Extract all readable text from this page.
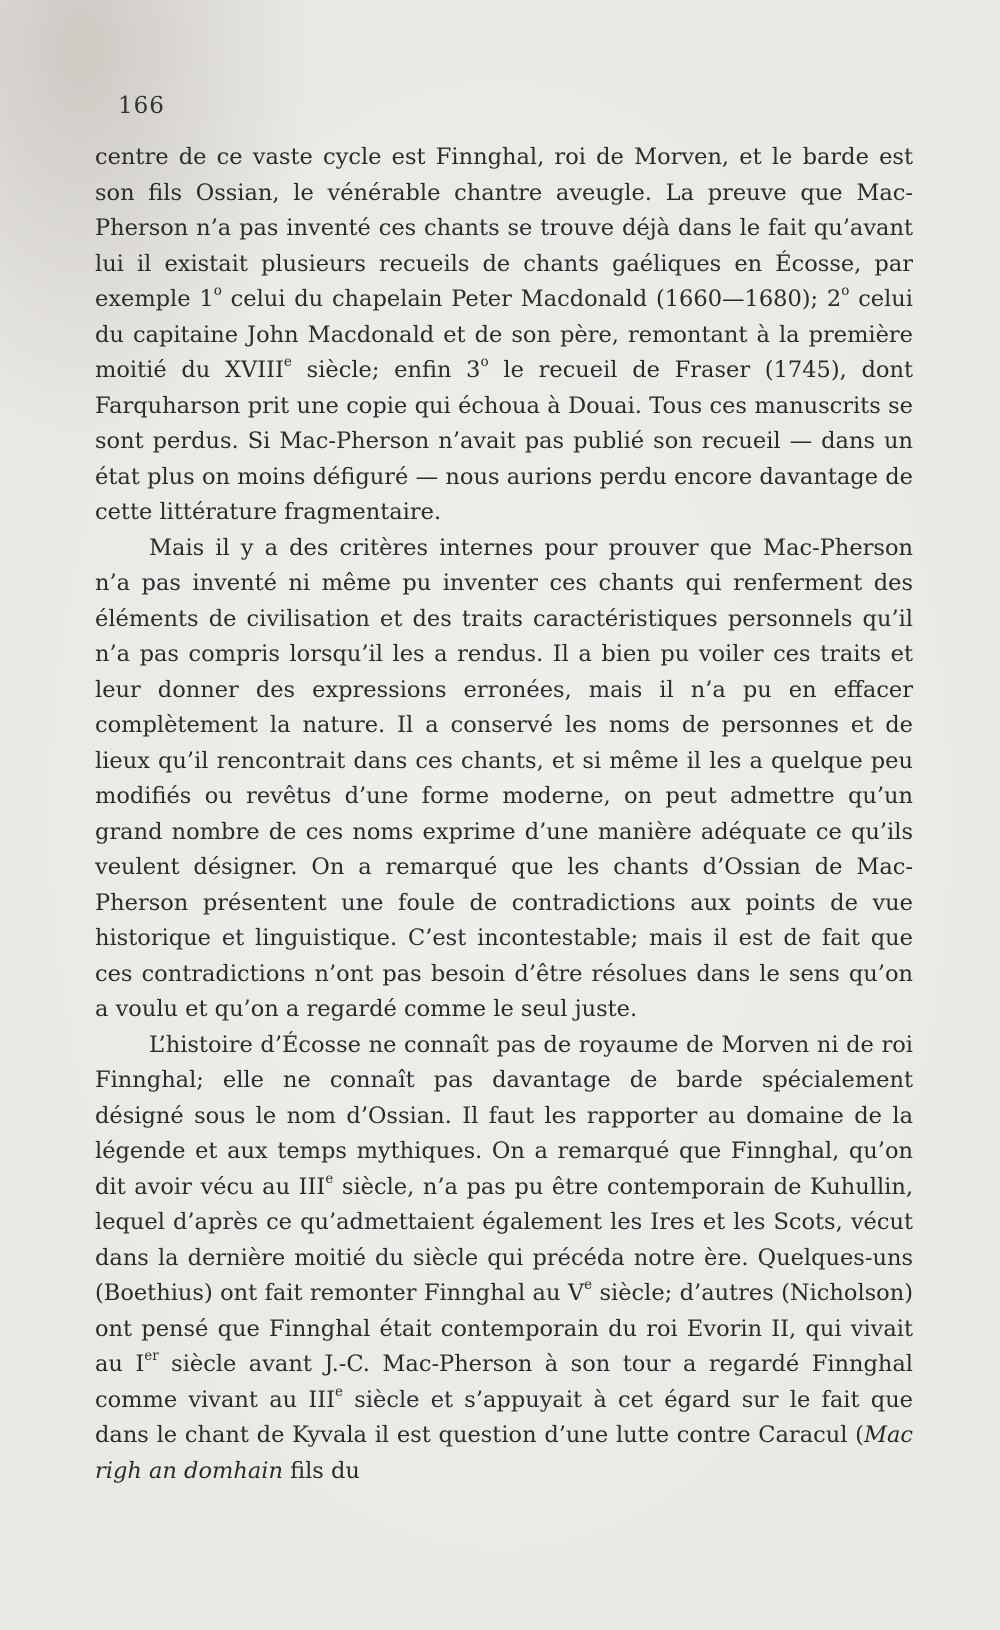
166

centre de ce vaste cycle est Finnghal, roi de Morven, et le barde est son fils Ossian, le vénérable chantre aveugle. La preuve que Mac-Pherson n’a pas inventé ces chants se trouve déjà dans le fait qu’avant lui il existait plusieurs recueils de chants gaéliques en Écosse, par exemple 1$^o$ celui du chapelain Peter Macdonald (1660—1680); 2$^o$ celui du capitaine John Macdonald et de son père, remontant à la première moitié du XVIIIe siècle; enfin 3$^o$ le recueil de Fraser (1745), dont Farquharson prit une copie qui échoua à Douai. Tous ces manuscrits se sont perdus. Si Mac-Pherson n’avait pas publié son recueil — dans un état plus on moins défiguré — nous aurions perdu encore davantage de cette littérature fragmentaire.

Mais il y a des critères internes pour prouver que Mac-Pherson n’a pas inventé ni même pu inventer ces chants qui renferment des éléments de civilisation et des traits caractéristiques personnels qu’il n’a pas compris lorsqu’il les a rendus. Il a bien pu voiler ces traits et leur donner des expressions erronées, mais il n’a pu en effacer complètement la nature. Il a conservé les noms de personnes et de lieux qu’il rencontrait dans ces chants, et si même il les a quelque peu modifiés ou revêtus d’une forme moderne, on peut admettre qu’un grand nombre de ces noms exprime d’une manière adéquate ce qu’ils veulent désigner. On a remarqué que les chants d’Ossian de Mac-Pherson présentent une foule de contradictions aux points de vue historique et linguistique. C’est incontestable; mais il est de fait que ces contradictions n’ont pas besoin d’être résolues dans le sens qu’on a voulu et qu’on a regardé comme le seul juste.

L’histoire d’Écosse ne connaît pas de royaume de Morven ni de roi Finnghal; elle ne connaît pas davantage de barde spécialement désigné sous le nom d’Ossian. Il faut les rapporter au domaine de la légende et aux temps mythiques. On a remarqué que Finnghal, qu’on dit avoir vécu au IIIe siècle, n’a pas pu être contemporain de Kuhullin, lequel d’après ce qu’admettaient également les Ires et les Scots, vécut dans la dernière moitié du siècle qui précéda notre ère. Quelques-uns (Boethius) ont fait remonter Finnghal au Ve siècle; d’autres (Nicholson) ont pensé que Finnghal était contemporain du roi Evorin II, qui vivait au Ier siècle avant J.-C. Mac-Pherson à son tour a regardé Finnghal comme vivant au IIIe siècle et s’appuyait à cet égard sur le fait que dans le chant de Kyvala il est question d’une lutte contre Caracul (Mac righ an domhain fils du
